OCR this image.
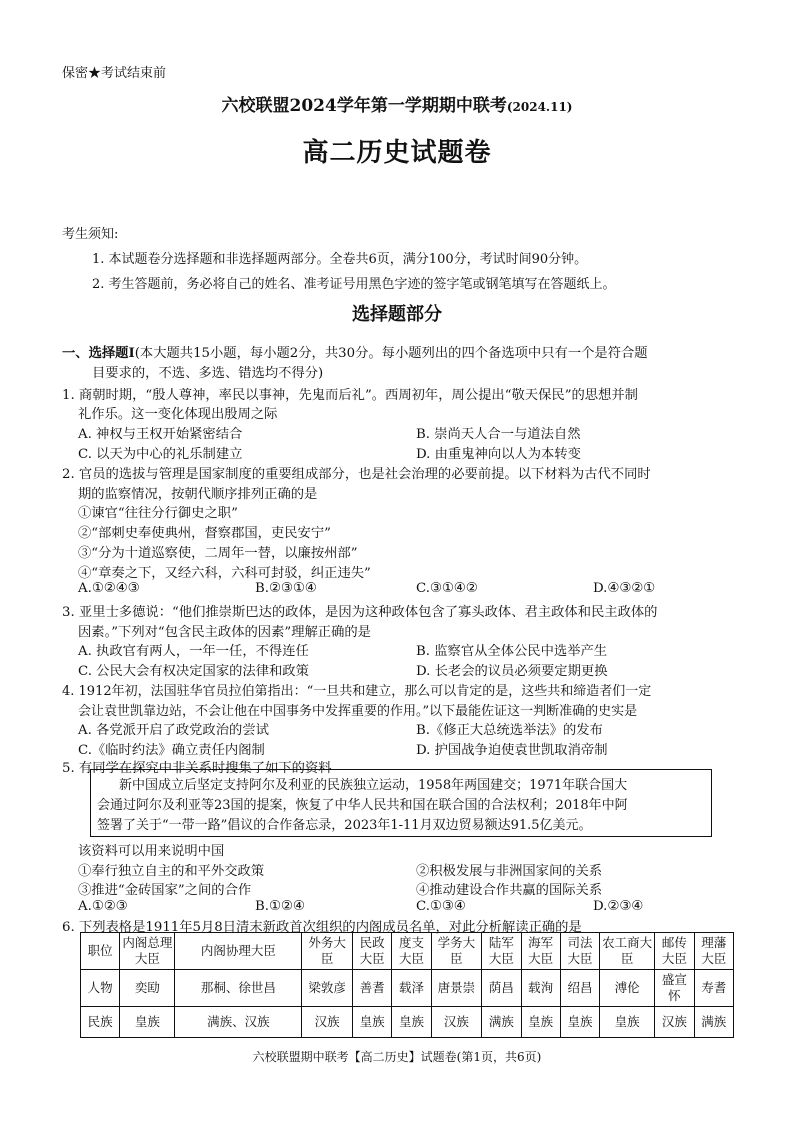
保密★考试结束前
六校联盟2024学年第一学期期中联考(2024.11)
高二历史试题卷
考生须知:
1. 本试题卷分选择题和非选择题两部分。全卷共6页，满分100分，考试时间90分钟。
2. 考生答题前，务必将自己的姓名、准考证号用黑色字迹的签字笔或钢笔填写在答题纸上。
选择题部分
一、选择题Ⅰ(本大题共15小题，每小题2分，共30分。每小题列出的四个备选项中只有一个是符合题
目要求的，不选、多选、错选均不得分)
1. 商朝时期，“殷人尊神，率民以事神，先鬼而后礼”。西周初年，周公提出“敬天保民”的思想并制
礼作乐。这一变化体现出殷周之际
A. 神权与王权开始紧密结合	B. 崇尚天人合一与道法自然
C. 以天为中心的礼乐制建立	D. 由重鬼神向以人为本转变
2. 官员的选拔与管理是国家制度的重要组成部分，也是社会治理的必要前提。以下材料为古代不同时
期的监察情况，按朝代顺序排列正确的是
①谏官“往往分行御史之职”
②“部刺史奉使典州，督察郡国，吏民安宁”
③“分为十道巡察使，二周年一替，以廉按州部”
④“章奏之下，又经六科，六科可封驳，纠正违失”
A.①②④③	B.②③①④	C.③①④②	D.④③②①
3. 亚里士多德说：“他们推崇斯巴达的政体，是因为这种政体包含了寡头政体、君主政体和民主政体的
因素。”下列对“包含民主政体的因素”理解正确的是
A. 执政官有两人，一年一任，不得连任	B. 监察官从全体公民中选举产生
C. 公民大会有权决定国家的法律和政策	D. 长老会的议员必须要定期更换
4. 1912年初，法国驻华官员拉伯第指出：“一旦共和建立，那么可以肯定的是，这些共和缔造者们一定
会让袁世凯靠边站，不会让他在中国事务中发挥重要的作用。”以下最能佐证这一判断准确的史实是
A. 各党派开启了政党政治的尝试	B.《修正大总统选举法》的发布
C.《临时约法》确立责任内阁制	D. 护国战争迫使袁世凯取消帝制
5. 有同学在探究中非关系时搜集了如下的资料
新中国成立后坚定支持阿尔及利亚的民族独立运动，1958年两国建交；1971年联合国大
会通过阿尔及利亚等23国的提案，恢复了中华人民共和国在联合国的合法权利；2018年中阿
签署了关于“一带一路”倡议的合作备忘录，2023年1-11月双边贸易额达91.5亿美元。
该资料可以用来说明中国
①奉行独立自主的和平外交政策	②积极发展与非洲国家间的关系
③推进“金砖国家”之间的合作	④推动建设合作共赢的国际关系
A.①②③	B.①②④	C.①③④	D.②③④
6. 下列表格是1911年5月8日清末新政首次组织的内阁成员名单，对此分析解读正确的是
职位	内阁总理大臣	内阁协理大臣	外务大臣	民政大臣	度支大臣	学务大臣	陆军大臣	海军大臣	司法大臣	农工商大臣	邮传大臣	理藩大臣
人物	奕劻	那桐、徐世昌	梁敦彦	善耆	载泽	唐景崇	荫昌	载洵	绍昌	溥伦	盛宣怀	寿耆
民族	皇族	满族、汉族	汉族	皇族	皇族	汉族	满族	皇族	皇族	皇族	汉族	满族
六校联盟期中联考【高二历史】试题卷(第1页，共6页)
